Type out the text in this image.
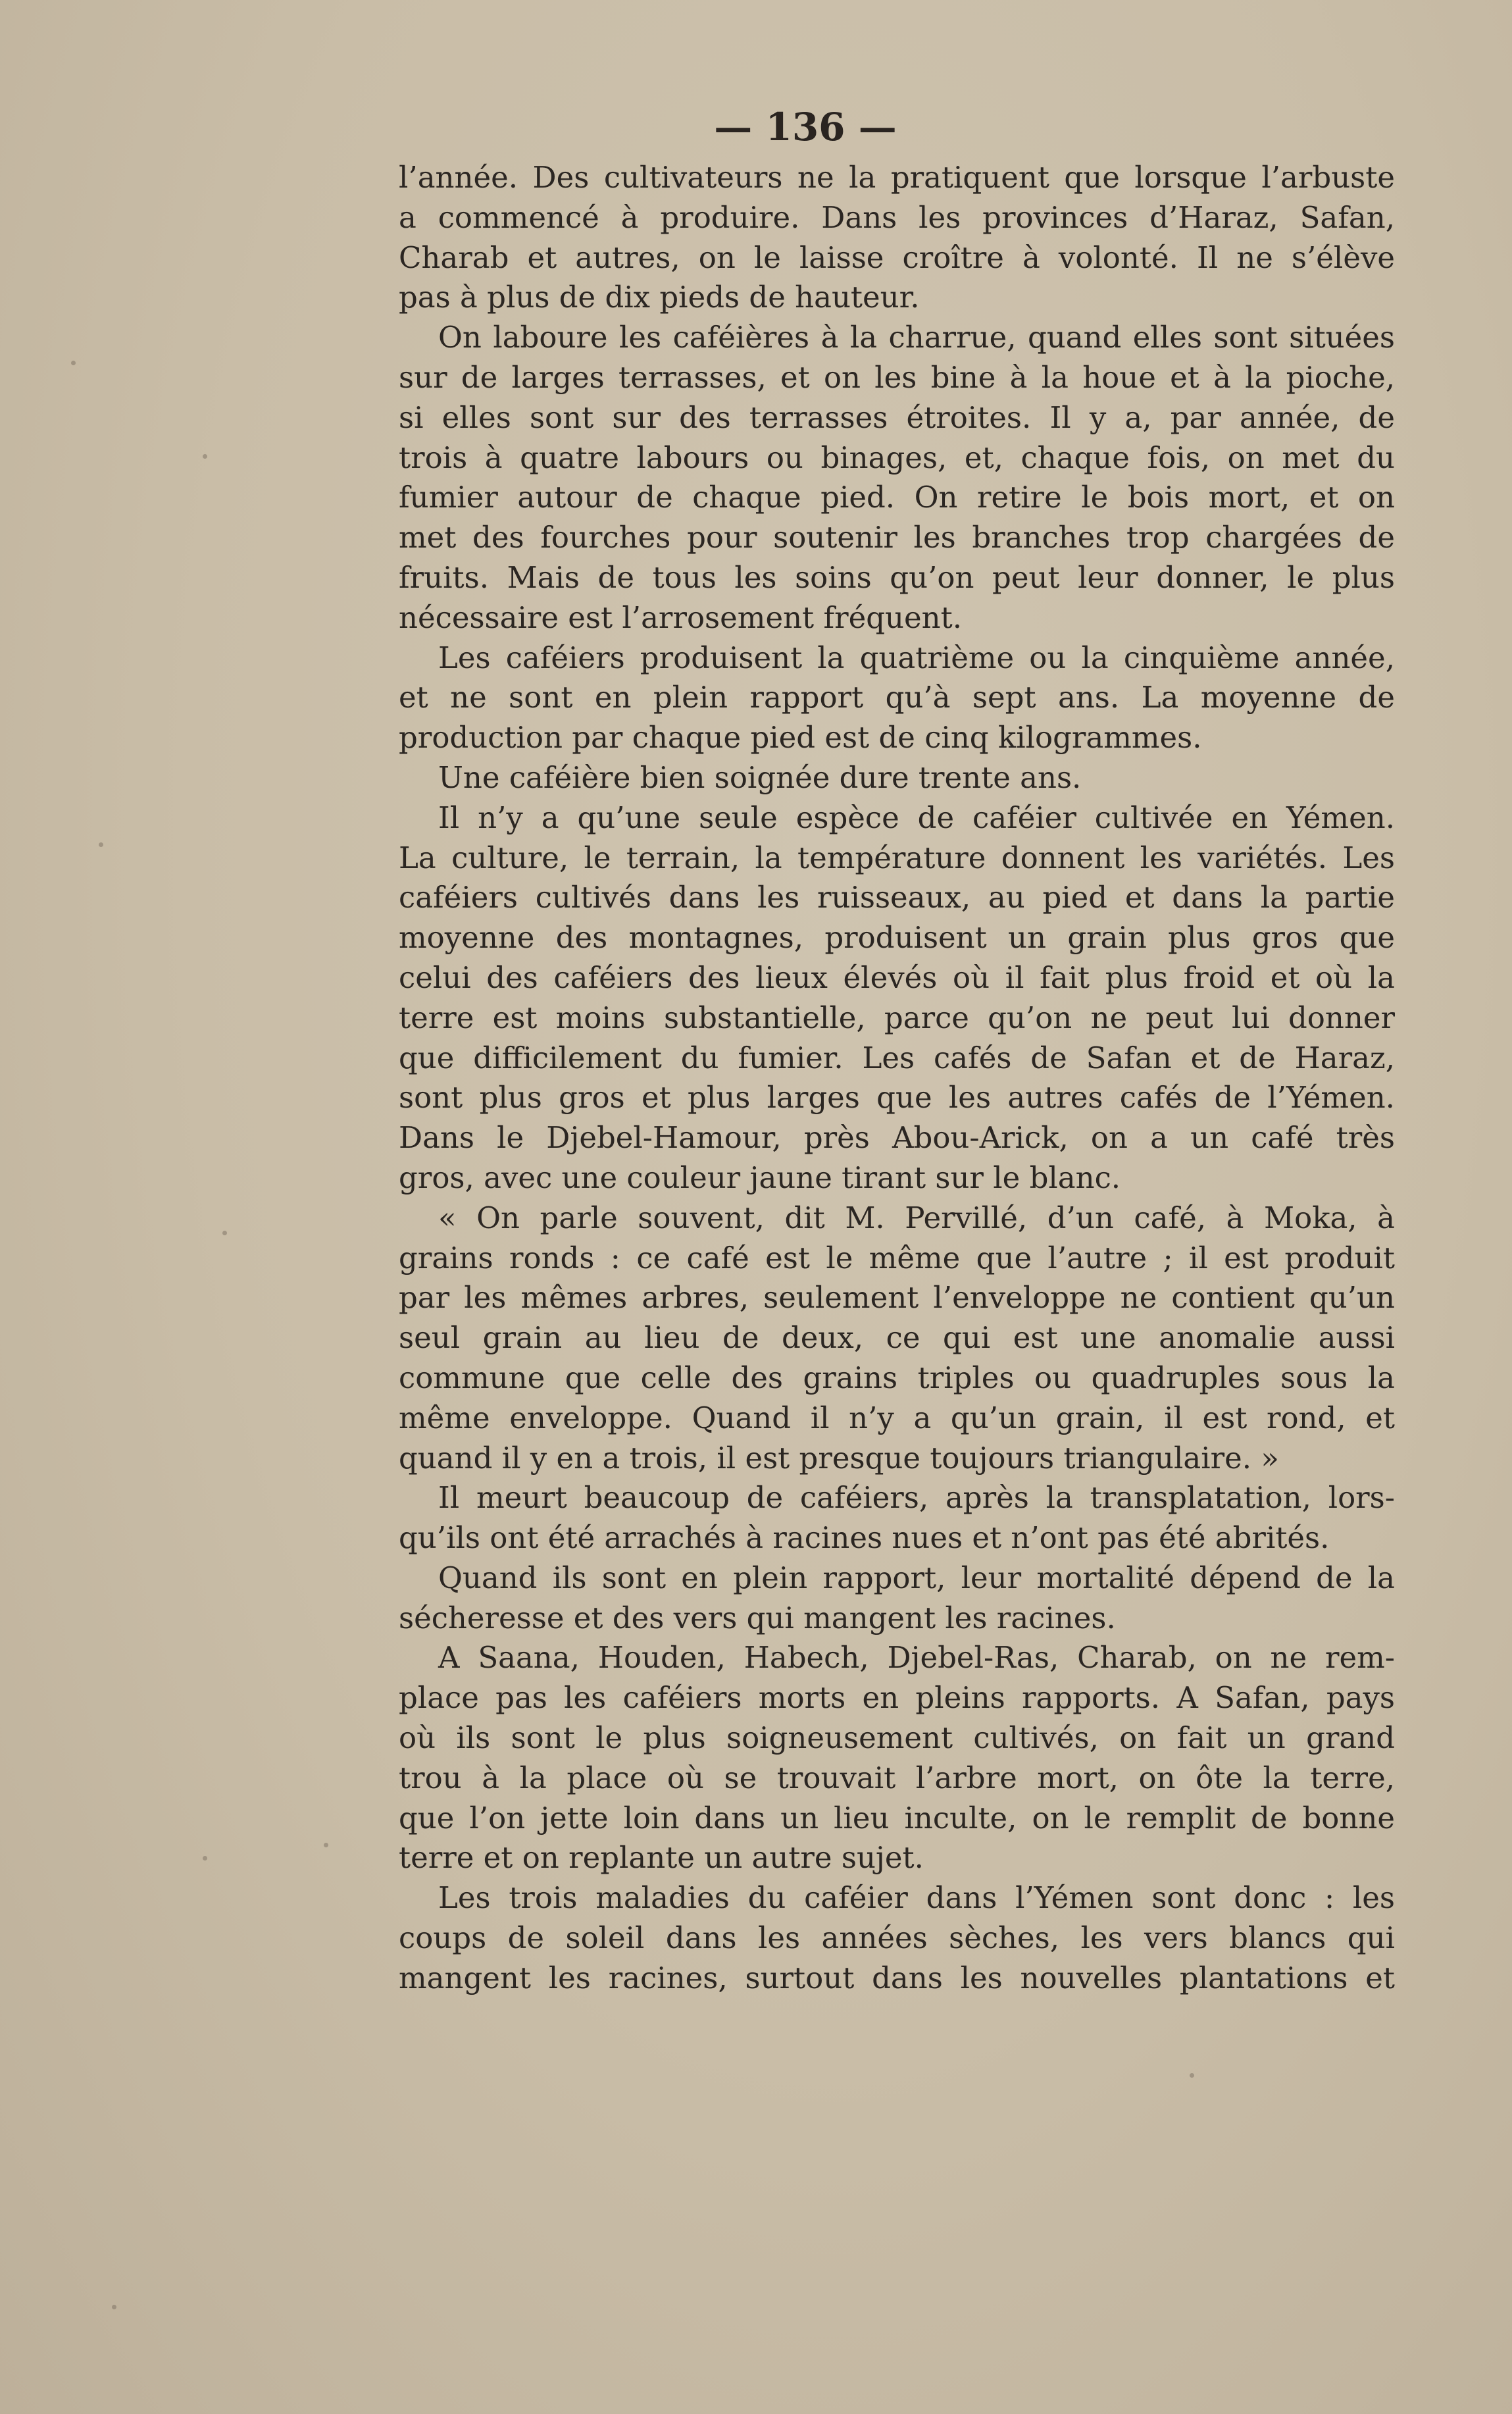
— 136 —
l’année. Des cultivateurs ne la pratiquent que lorsque l’arbuste
a commencé à produire. Dans les provinces d’Haraz, Safan,
Charab et autres, on le laisse croître à volonté. Il ne s’élève
pas à plus de dix pieds de hauteur.
On laboure les caféières à la charrue, quand elles sont situées
sur de larges terrasses, et on les bine à la houe et à la pioche,
si elles sont sur des terrasses étroites. Il y a, par année, de
trois à quatre labours ou binages, et, chaque fois, on met du
fumier autour de chaque pied. On retire le bois mort, et on
met des fourches pour soutenir les branches trop chargées de
fruits. Mais de tous les soins qu’on peut leur donner, le plus
nécessaire est l’arrosement fréquent.
Les caféiers produisent la quatrième ou la cinquième année,
et ne sont en plein rapport qu’à sept ans. La moyenne de
production par chaque pied est de cinq kilogrammes.
Une caféière bien soignée dure trente ans.
Il n’y a qu’une seule espèce de caféier cultivée en Yémen.
La culture, le terrain, la température donnent les variétés. Les
caféiers cultivés dans les ruisseaux, au pied et dans la partie
moyenne des montagnes, produisent un grain plus gros que
celui des caféiers des lieux élevés où il fait plus froid et où la
terre est moins substantielle, parce qu’on ne peut lui donner
que difficilement du fumier. Les cafés de Safan et de Haraz,
sont plus gros et plus larges que les autres cafés de l’Yémen.
Dans le Djebel-Hamour, près Abou-Arick, on a un café très
gros, avec une couleur jaune tirant sur le blanc.
« On parle souvent, dit M. Pervillé, d’un café, à Moka, à
grains ronds : ce café est le même que l’autre ; il est produit
par les mêmes arbres, seulement l’enveloppe ne contient qu’un
seul grain au lieu de deux, ce qui est une anomalie aussi
commune que celle des grains triples ou quadruples sous la
même enveloppe. Quand il n’y a qu’un grain, il est rond, et
quand il y en a trois, il est presque toujours triangulaire. »
Il meurt beaucoup de caféiers, après la transplatation, lors-
qu’ils ont été arrachés à racines nues et n’ont pas été abrités.
Quand ils sont en plein rapport, leur mortalité dépend de la
sécheresse et des vers qui mangent les racines.
A Saana, Houden, Habech, Djebel-Ras, Charab, on ne rem-
place pas les caféiers morts en pleins rapports. A Safan, pays
où ils sont le plus soigneusement cultivés, on fait un grand
trou à la place où se trouvait l’arbre mort, on ôte la terre,
que l’on jette loin dans un lieu inculte, on le remplit de bonne
terre et on replante un autre sujet.
Les trois maladies du caféier dans l’Yémen sont donc : les
coups de soleil dans les années sèches, les vers blancs qui
mangent les racines, surtout dans les nouvelles plantations et
